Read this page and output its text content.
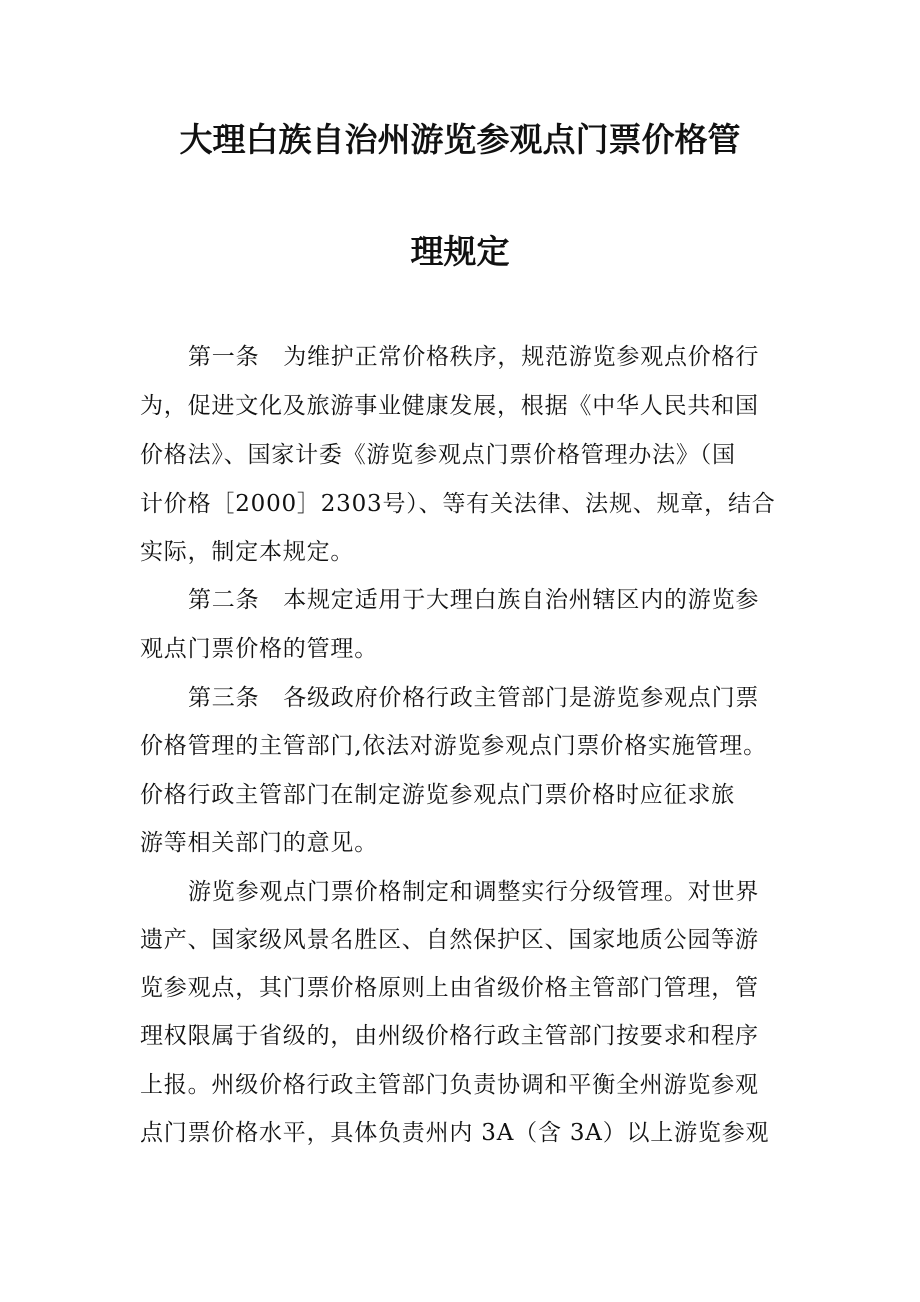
大理白族自治州游览参观点门票价格管
理规定
第一条　为维护正常价格秩序，规范游览参观点价格行
为，促进文化及旅游事业健康发展，根据《中华人民共和国
价格法》、国家计委《游览参观点门票价格管理办法》（国
计价格［2000］2303号）、等有关法律、法规、规章，结合
实际，制定本规定。
第二条　本规定适用于大理白族自治州辖区内的游览参
观点门票价格的管理。
第三条　各级政府价格行政主管部门是游览参观点门票
价格管理的主管部门,依法对游览参观点门票价格实施管理。
价格行政主管部门在制定游览参观点门票价格时应征求旅
游等相关部门的意见。
游览参观点门票价格制定和调整实行分级管理。对世界
遗产、国家级风景名胜区、自然保护区、国家地质公园等游
览参观点，其门票价格原则上由省级价格主管部门管理，管
理权限属于省级的，由州级价格行政主管部门按要求和程序
上报。州级价格行政主管部门负责协调和平衡全州游览参观
点门票价格水平，具体负责州内 3A（含 3A）以上游览参观
